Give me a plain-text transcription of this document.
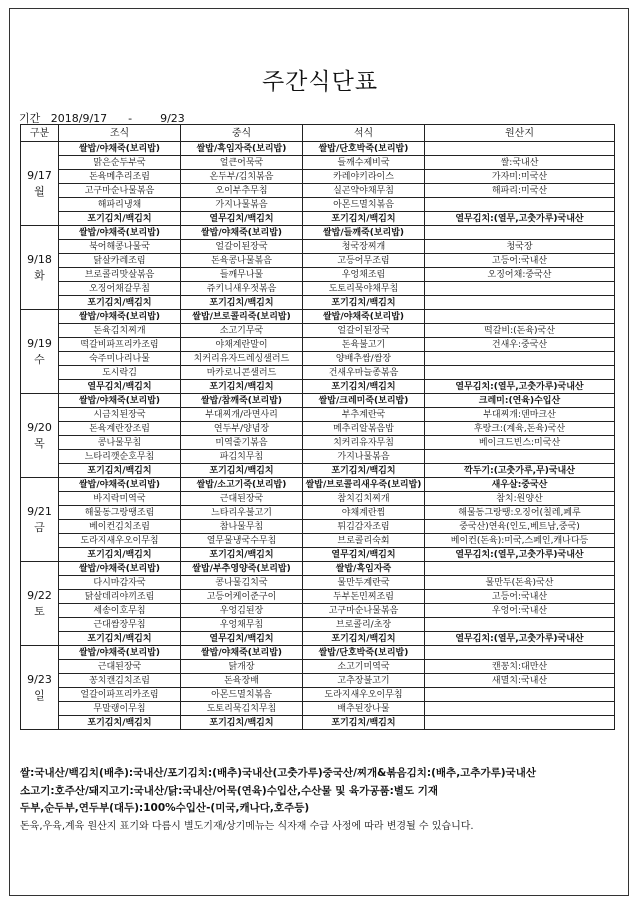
주간식단표
기간   2018/9/17      -        9/23
구분	조식	중식	석식	원산지

9/17
월	쌀밥/야채죽(보리밥)	쌀밥/흑임자죽(보리밥)	쌀밥/단호박죽(보리밥)	
	맑은순두부국	얼큰어묵국	들깨수제비국	쌀:국내산
	돈육메추리조림	온두부/김치볶음	카레야키라이스	가자미:미국산
	고구마순나물볶음	오이부추무침	실곤약야채무침	해파리:미국산
	해파리냉채	가지나물볶음	아몬드멸치볶음	
	포기김치/백김치	열무김치/백김치	포기김치/백김치	열무김치:(열무,고춧가루)국내산

9/18
화	쌀밥/야채죽(보리밥)	쌀밥/야채죽(보리밥)	쌀밥/들깨죽(보리밥)	
	북어해콩나물국	얼갈이된장국	청국장찌개	청국장
	닭살카레조림	돈육콩나물볶음	고등어무조림	고등어:국내산
	브로콜리맛살볶음	들깨무나물	우엉채조림	오징어채:중국산
	오징어채갈무침	쥬키니새우젓볶음	도토리묵야채무침	
	포기김치/백김치	포기김치/백김치	포기김치/백김치	

9/19
수	쌀밥/야채죽(보리밥)	쌀밥/브로콜리죽(보리밥)	쌀밥/야채죽(보리밥)	
	돈육김치찌개	소고기무국	얼갈이된장국	떡갈비:(돈육)국산
	떡갈비파프리카조림	야채계란말이	돈육불고기	건새우:중국산
	숙주미나리나물	치커리유자드레싱샐러드	양배추쌈/쌈장	
	도시락김	마카로니콘샐러드	건새우마늘종볶음	
	열무김치/백김치	포기김치/백김치	포기김치/백김치	열무김치:(열무,고춧가루)국내산

9/20
목	쌀밥/야채죽(보리밥)	쌀밥/참깨죽(보리밥)	쌀밥/크레미죽(보리밥)	크레미:(연육)수입산
	시금치된장국	부대찌개/라면사리	부추계란국	부대찌개:덴마크산
	돈육계란장조림	연두부/양념장	메추리알볶음밥	후랑크:(계육,돈육)국산
	콩나물무침	미역줄기볶음	치커리유자무침	베이크드빈스:미국산
	느타리깻순호무침	파김치무침	가지나물볶음	
	포기김치/백김치	포기김치/백김치	포기김치/백김치	깍두기:(고춧가루,무)국내산

9/21
금	쌀밥/야채죽(보리밥)	쌀밥/소고기죽(보리밥)	쌀밥/브로콜리새우죽(보리밥)	새우살:중국산
	바지락미역국	근대된장국	참치김치찌개	참치:원양산
	해물동그랑땡조림	느타리우불고기	야채계란찜	해물동그랑땡:오징어(칠레,페루
	베이컨김치조림	참나물무침	튀김감자조림	중국산)연육(인도,베트남,중국)
	도라지새우오이무침	열무물냉국수무침	브로콜리숙회	베이컨(돈육):미국,스페인,캐나다등
	포기김치/백김치	포기김치/백김치	열무김치/백김치	열무김치:(열무,고춧가루)국내산

9/22
토	쌀밥/야채죽(보리밥)	쌀밥/부추영양죽(보리밥)	쌀밥/흑임자죽	
	다시마감자국	콩나물김치국	물만두계란국	물만두(돈육)국산
	닭살데리야끼조림	고등어케이준구이	두부돈민찌조림	고등어:국내산
	세송이호무침	우엉김된장	고구마순나물볶음	우엉어:국내산
	근대쌈장무침	우엉채무침	브로콜리/초장	
	포기김치/백김치	열무김치/백김치	포기김치/백김치	열무김치:(열무,고춧가루)국내산

9/23
일	쌀밥/야채죽(보리밥)	쌀밥/야채죽(보리밥)	쌀밥/단호박죽(보리밥)	
	근대된장국	닭개장	소고기미역국	캔꽁치:대만산
	꽁치캔김치조림	돈육장배	고추장불고기	새멸치:국내산
	얼갈이파프리카조림	아몬드멸치볶음	도라지새우오이무침	
	무말랭이무침	도토리묵김치무침	배추된장나물	
	포기김치/백김치	포기김치/백김치	포기김치/백김치	
쌀:국내산/백김치(배추):국내산/포기김치:(배추)국내산(고춧가루)중국산/찌개&볶음김치:(배추,고추가루)국내산
소고기:호주산/돼지고기:국내산/닭:국내산/어묵(연육)수입산,수산물 및 육가공품:별도 기재
두부,순두부,연두부(대두):100%수입산-(미국,캐나다,호주등)
돈육,우육,계육 원산지 표기와 다름시 별도기재/상기메뉴는 식자재 수급 사정에 따라 변경될 수 있습니다.
